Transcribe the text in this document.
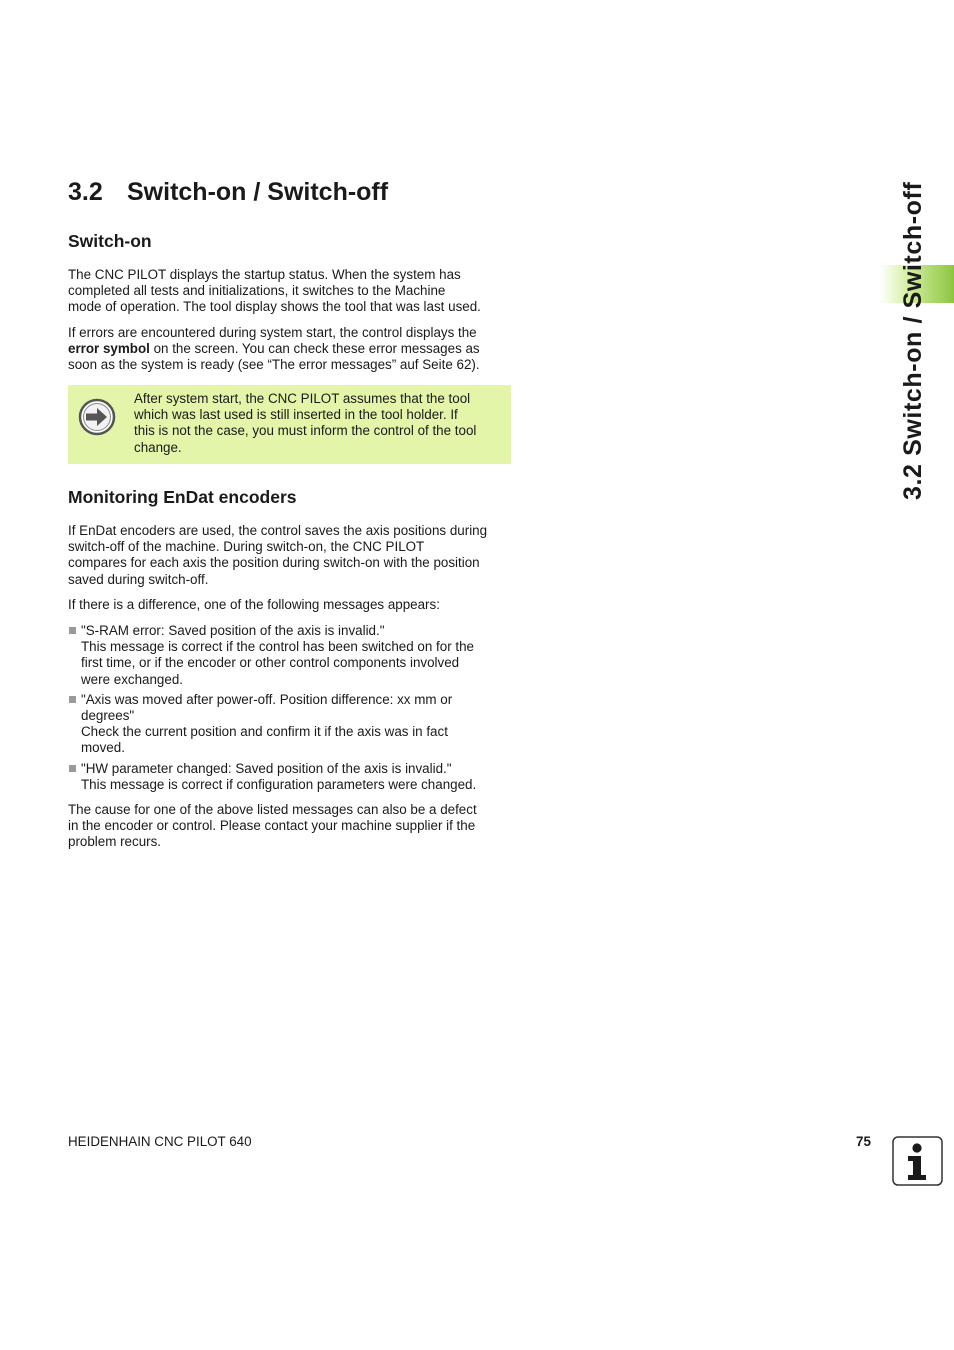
3.2 Switch-on / Switch-off
3.2 Switch-on / Switch-off
Switch-on

The CNC PILOT displays the startup status. When the system has
completed all tests and initializations, it switches to the Machine
mode of operation. The tool display shows the tool that was last used.

If errors are encountered during system start, the control displays the
error symbol on the screen. You can check these error messages as
soon as the system is ready (see “The error messages” auf Seite 62).

After system start, the CNC PILOT assumes that the tool
which was last used is still inserted in the tool holder. If
this is not the case, you must inform the control of the tool
change.
Monitoring EnDat encoders

If EnDat encoders are used, the control saves the axis positions during
switch-off of the machine. During switch-on, the CNC PILOT
compares for each axis the position during switch-on with the position
saved during switch-off.

If there is a difference, one of the following messages appears:

"S-RAM error: Saved position of the axis is invalid."
This message is correct if the control has been switched on for the
first time, or if the encoder or other control components involved
were exchanged.
"Axis was moved after power-off. Position difference: xx mm or
degrees"
Check the current position and confirm it if the axis was in fact
moved.
"HW parameter changed: Saved position of the axis is invalid."
This message is correct if configuration parameters were changed.

The cause for one of the above listed messages can also be a defect
in the encoder or control. Please contact your machine supplier if the
problem recurs.

HEIDENHAIN CNC PILOT 640	75
